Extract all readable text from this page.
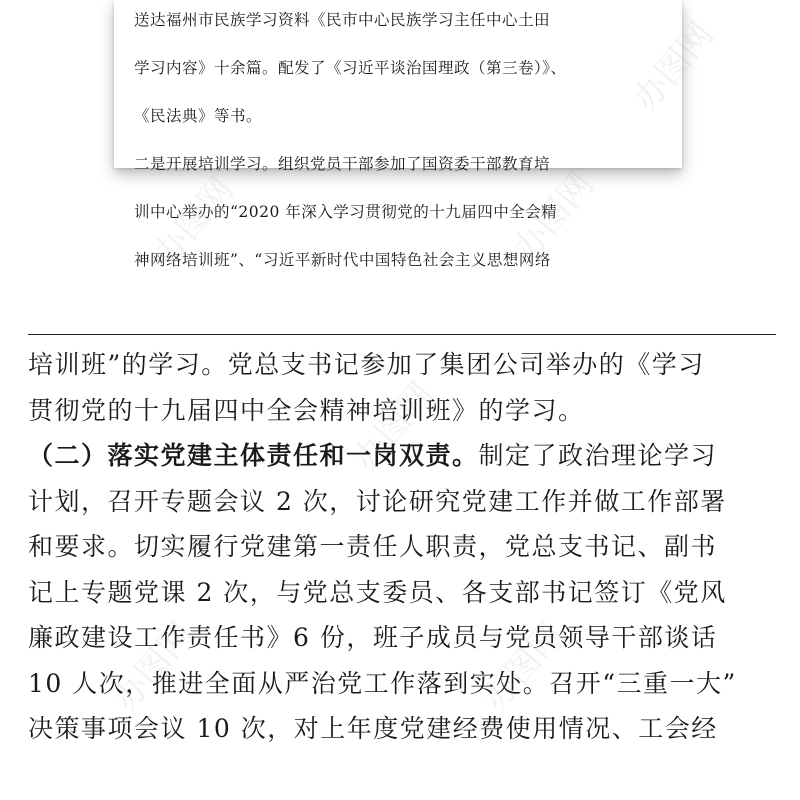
送达福州市民族学习资料《民市中心民族学习主任中心土田

学习内容》十余篇。配发了《习近平谈治国理政（第三卷）》、

《民法典》等书。

二是开展培训学习。组织党员干部参加了国资委干部教育培

训中心举办的“2020 年深入学习贯彻党的十九届四中全会精

神网络培训班”、“习近平新时代中国特色社会主义思想网络

办图网	办图网
办图网
办图网
办图网

培训班”的学习。党总支书记参加了集团公司举办的《学习

贯彻党的十九届四中全会精神培训班》的学习。

（二）落实党建主体责任和一岗双责。制定了政治理论学习

计划，召开专题会议 2 次，讨论研究党建工作并做工作部署

和要求。切实履行党建第一责任人职责，党总支书记、副书

记上专题党课 2 次，与党总支委员、各支部书记签订《党风

廉政建设工作责任书》6 份，班子成员与党员领导干部谈话

10 人次，推进全面从严治党工作落到实处。召开“三重一大”

决策事项会议 10 次，对上年度党建经费使用情况、工会经
